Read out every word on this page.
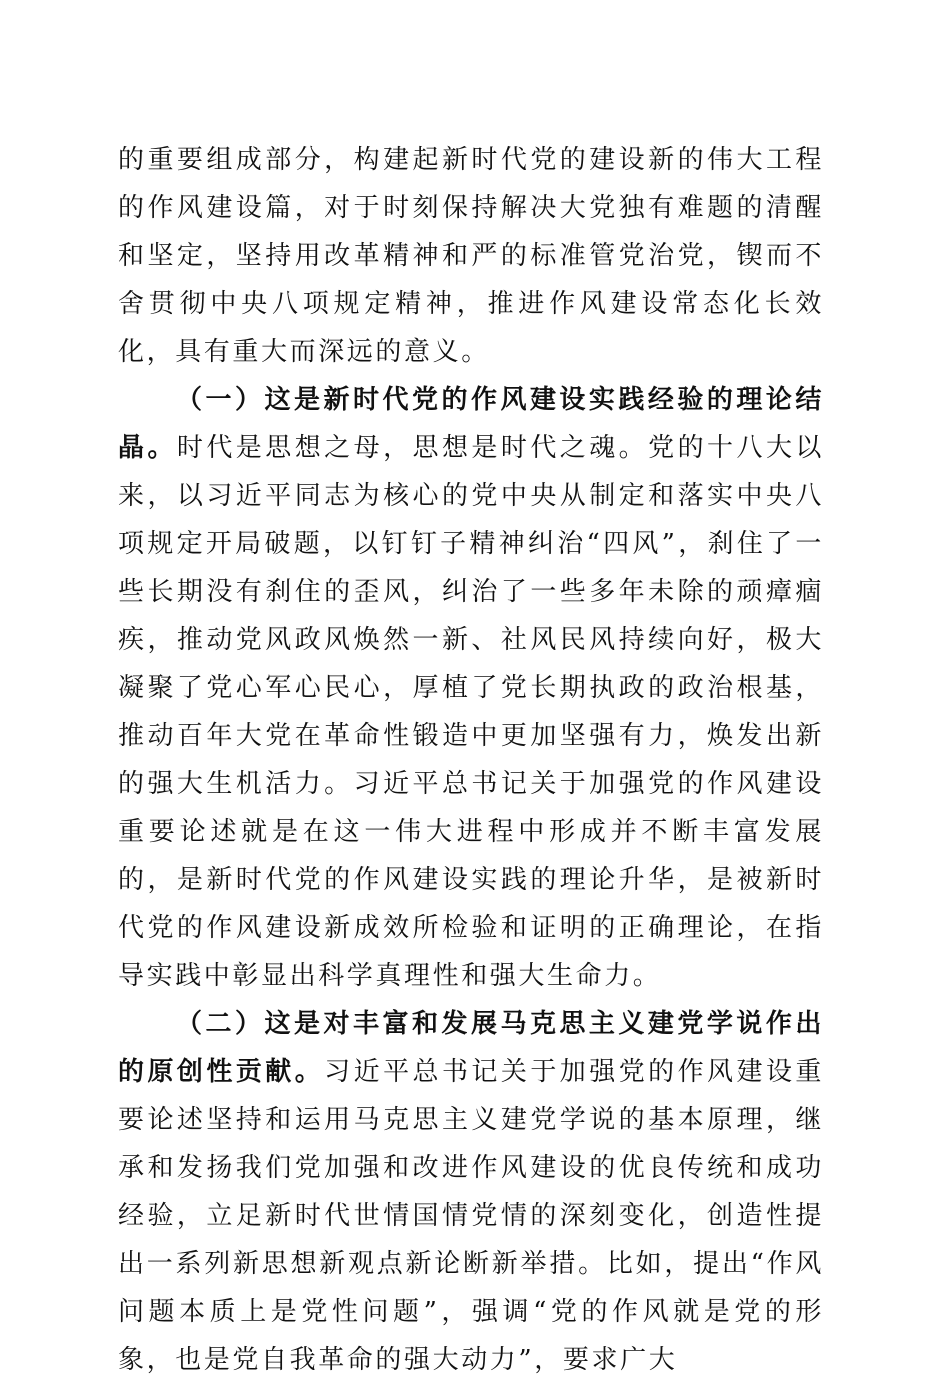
的重要组成部分，构建起新时代党的建设新的伟大工程的作风建设篇，对于时刻保持解决大党独有难题的清醒和坚定，坚持用改革精神和严的标准管党治党，锲而不舍贯彻中央八项规定精神，推进作风建设常态化长效化，具有重大而深远的意义。

（一）这是新时代党的作风建设实践经验的理论结晶。时代是思想之母，思想是时代之魂。党的十八大以来，以习近平同志为核心的党中央从制定和落实中央八项规定开局破题，以钉钉子精神纠治“四风”，刹住了一些长期没有刹住的歪风，纠治了一些多年未除的顽瘴痼疾，推动党风政风焕然一新、社风民风持续向好，极大凝聚了党心军心民心，厚植了党长期执政的政治根基，推动百年大党在革命性锻造中更加坚强有力，焕发出新的强大生机活力。习近平总书记关于加强党的作风建设重要论述就是在这一伟大进程中形成并不断丰富发展的，是新时代党的作风建设实践的理论升华，是被新时代党的作风建设新成效所检验和证明的正确理论，在指导实践中彰显出科学真理性和强大生命力。

（二）这是对丰富和发展马克思主义建党学说作出的原创性贡献。习近平总书记关于加强党的作风建设重要论述坚持和运用马克思主义建党学说的基本原理，继承和发扬我们党加强和改进作风建设的优良传统和成功经验，立足新时代世情国情党情的深刻变化，创造性提出一系列新思想新观点新论断新举措。比如，提出“作风问题本质上是党性问题”，强调“党的作风就是党的形象，也是党自我革命的强大动力”，要求广大
